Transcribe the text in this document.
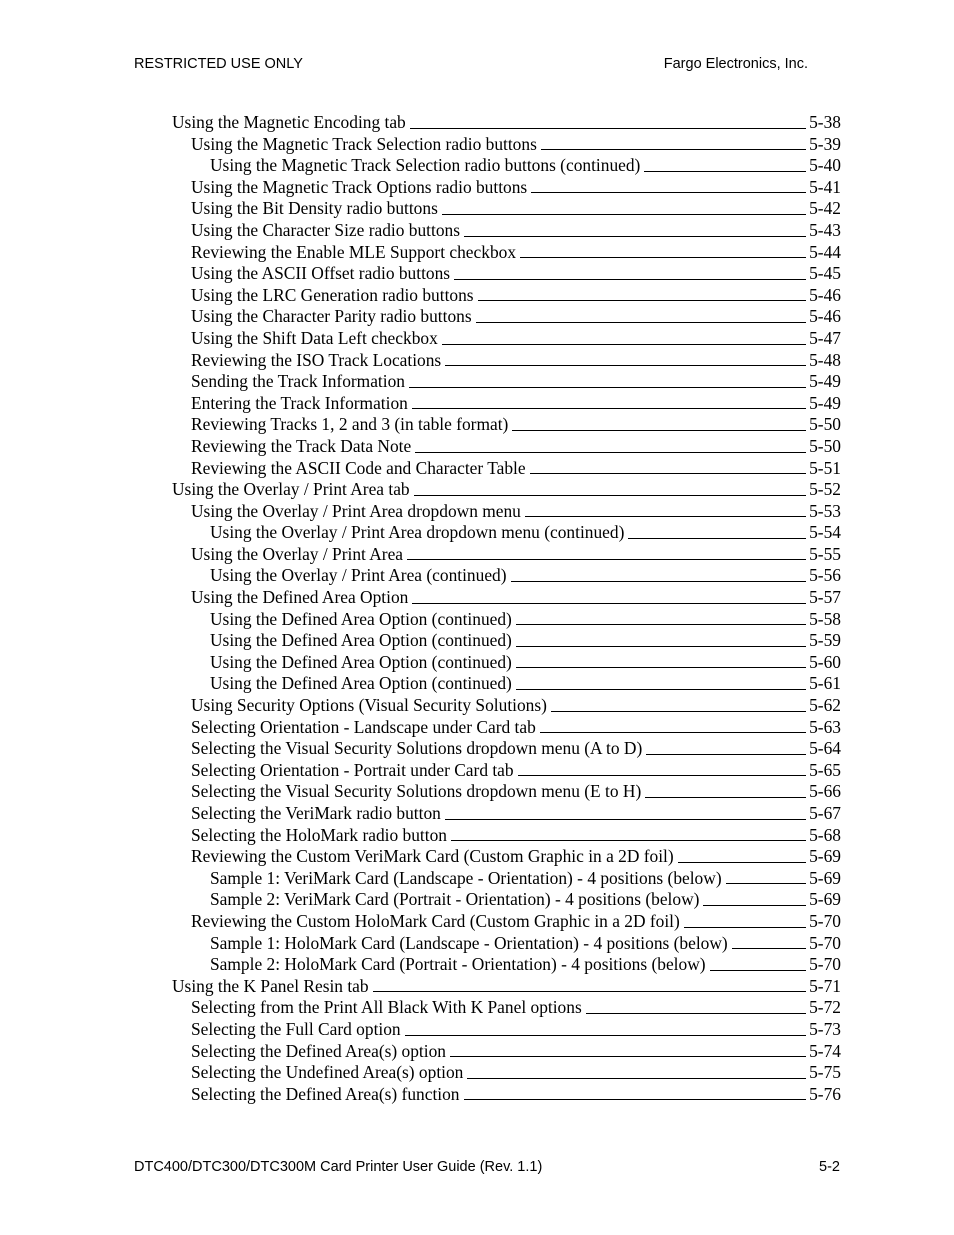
RESTRICTED USE ONLY	Fargo Electronics, Inc.
Using the Magnetic Encoding tab	5-38
Using the Magnetic Track Selection radio buttons	5-39
Using the Magnetic Track Selection radio buttons (continued)	5-40
Using the Magnetic Track Options radio buttons	5-41
Using the Bit Density radio buttons	5-42
Using the Character Size radio buttons	5-43
Reviewing the Enable MLE Support checkbox	5-44
Using the ASCII Offset radio buttons	5-45
Using the LRC Generation radio buttons	5-46
Using the Character Parity radio buttons	5-46
Using the Shift Data Left checkbox	5-47
Reviewing the ISO Track Locations	5-48
Sending the Track Information	5-49
Entering the Track Information	5-49
Reviewing Tracks 1, 2 and 3 (in table format)	5-50
Reviewing the Track Data Note	5-50
Reviewing the ASCII Code and Character Table	5-51
Using the Overlay / Print Area tab	5-52
Using the Overlay / Print Area dropdown menu	5-53
Using the Overlay / Print Area dropdown menu (continued)	5-54
Using the Overlay / Print Area	5-55
Using the Overlay / Print Area (continued)	5-56
Using the Defined Area Option	5-57
Using the Defined Area Option (continued)	5-58
Using the Defined Area Option (continued)	5-59
Using the Defined Area Option (continued)	5-60
Using the Defined Area Option (continued)	5-61
Using Security Options (Visual Security Solutions)	5-62
Selecting Orientation - Landscape under Card tab	5-63
Selecting the Visual Security Solutions dropdown menu (A to D)	5-64
Selecting Orientation - Portrait under Card tab	5-65
Selecting the Visual Security Solutions dropdown menu (E to H)	5-66
Selecting the VeriMark radio button	5-67
Selecting the HoloMark radio button	5-68
Reviewing the Custom VeriMark Card (Custom Graphic in a 2D foil)	5-69
Sample 1: VeriMark Card (Landscape - Orientation) - 4 positions (below)	5-69
Sample 2: VeriMark Card (Portrait - Orientation) - 4 positions (below)	5-69
Reviewing the Custom HoloMark Card (Custom Graphic in a 2D foil)	5-70
Sample 1: HoloMark Card (Landscape - Orientation) - 4 positions (below)	5-70
Sample 2: HoloMark Card (Portrait - Orientation) - 4 positions (below)	5-70
Using the K Panel Resin tab	5-71
Selecting from the Print All Black With K Panel options	5-72
Selecting the Full Card option	5-73
Selecting the Defined Area(s) option	5-74
Selecting the Undefined Area(s) option	5-75
Selecting the Defined Area(s) function	5-76
DTC400/DTC300/DTC300M Card Printer User Guide (Rev. 1.1)	5-2
